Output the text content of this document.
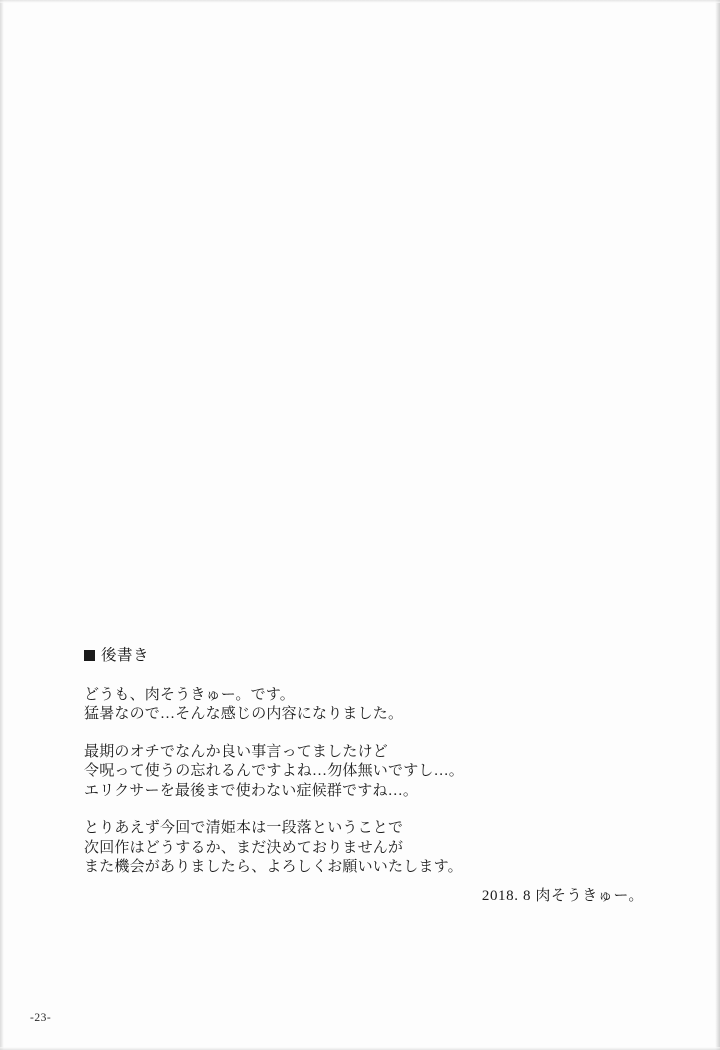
後書き

どうも、肉そうきゅー。です。
猛暑なので…そんな感じの内容になりました。

最期のオチでなんか良い事言ってましたけど
令呪って使うの忘れるんですよね…勿体無いですし…。
エリクサーを最後まで使わない症候群ですね…。

とりあえず今回で清姫本は一段落ということで
次回作はどうするか、まだ決めておりませんが
また機会がありましたら、よろしくお願いいたします。

2018. 8 肉そうきゅー。
-23-
